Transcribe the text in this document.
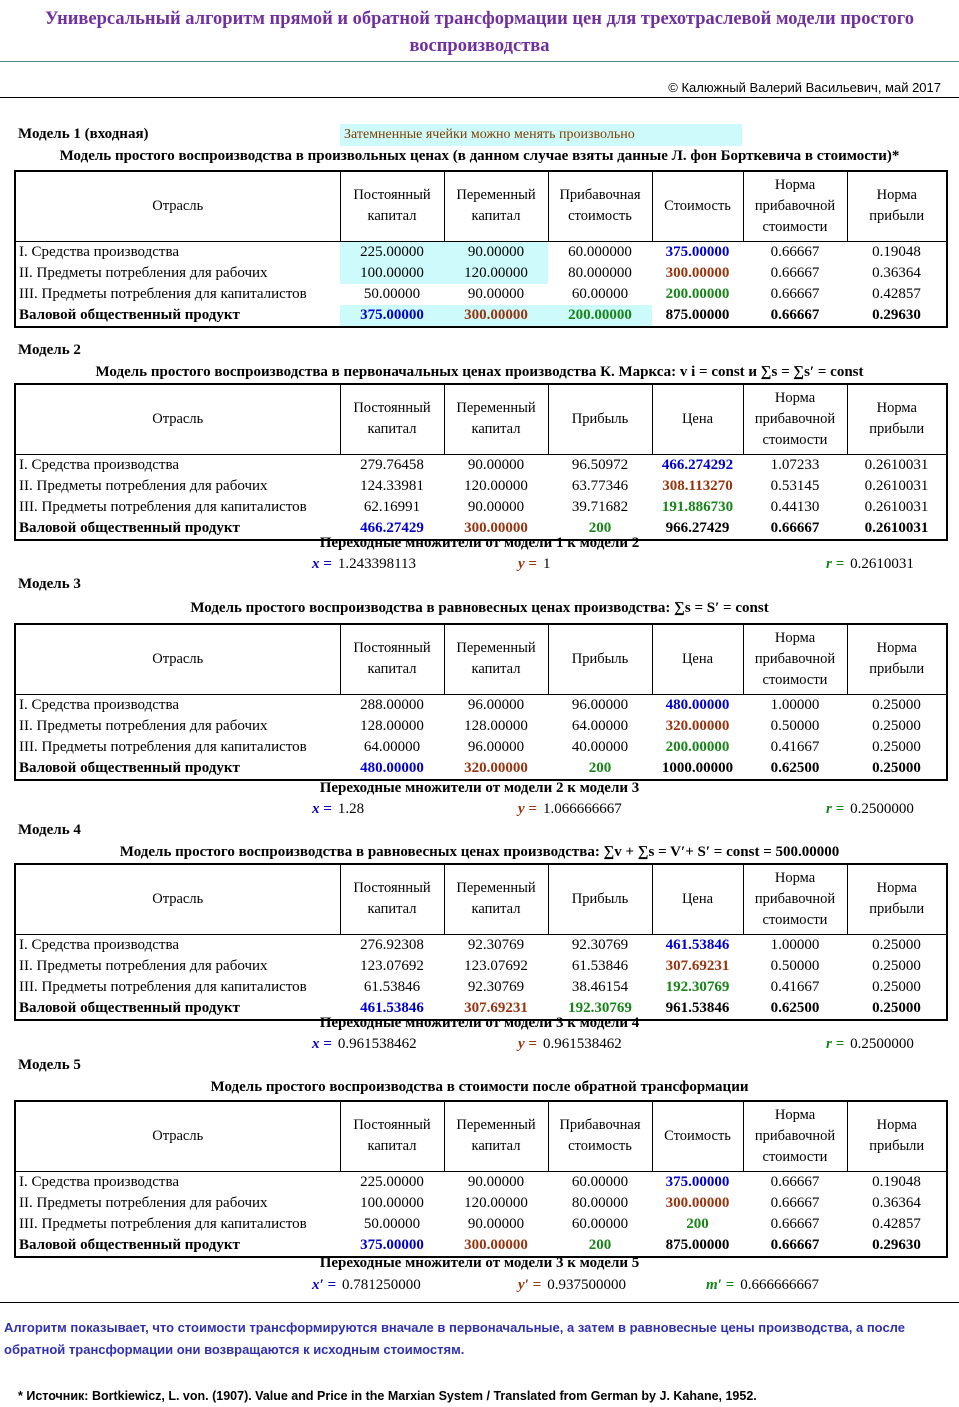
Универсальный алгоритм прямой и обратной трансформации цен для трехотраслевой модели простого воспроизводства
© Калюжный Валерий Васильевич, май 2017
Модель 1 (входная)	Затемненные ячейки можно менять произвольно
Модель простого воспроизводства в произвольных ценах (в данном случае взяты данные Л. фон Борткевича в стоимости)*
Отрасль	Постоянный капитал	Переменный капитал	Прибавочная стоимость	Стоимость	Норма прибавочной стоимости	Норма прибыли
I. Средства производства	225.00000	90.00000	60.000000	375.00000	0.66667	0.19048
II. Предметы потребления для рабочих	100.00000	120.00000	80.000000	300.00000	0.66667	0.36364
III. Предметы потребления для капиталистов	50.00000	90.00000	60.00000	200.00000	0.66667	0.42857
Валовой общественный продукт	375.00000	300.00000	200.00000	875.00000	0.66667	0.29630
Модель 2
Модель простого воспроизводства в первоначальных ценах производства К. Маркса: v i = const и ∑s = ∑s′ = const
Отрасль	Постоянный капитал	Переменный капитал	Прибыль	Цена	Норма прибавочной стоимости	Норма прибыли
I. Средства производства	279.76458	90.00000	96.50972	466.274292	1.07233	0.2610031
II. Предметы потребления для рабочих	124.33981	120.00000	63.77346	308.113270	0.53145	0.2610031
III. Предметы потребления для капиталистов	62.16991	90.00000	39.71682	191.886730	0.44130	0.2610031
Валовой общественный продукт	466.27429	300.00000	200	966.27429	0.66667	0.2610031
Переходные множители от модели 1 к модели 2
x = 1.243398113	y = 1	r = 0.2610031
Модель 3
Модель простого воспроизводства в равновесных ценах производства: ∑s = S′ = const
Отрасль	Постоянный капитал	Переменный капитал	Прибыль	Цена	Норма прибавочной стоимости	Норма прибыли
I. Средства производства	288.00000	96.00000	96.00000	480.00000	1.00000	0.25000
II. Предметы потребления для рабочих	128.00000	128.00000	64.00000	320.00000	0.50000	0.25000
III. Предметы потребления для капиталистов	64.00000	96.00000	40.00000	200.00000	0.41667	0.25000
Валовой общественный продукт	480.00000	320.00000	200	1000.00000	0.62500	0.25000
Переходные множители от модели 2 к модели 3
x = 1.28	y = 1.066666667	r = 0.2500000
Модель 4
Модель простого воспроизводства в равновесных ценах производства: ∑v + ∑s = V′+ S′ = const = 500.00000
Отрасль	Постоянный капитал	Переменный капитал	Прибыль	Цена	Норма прибавочной стоимости	Норма прибыли
I. Средства производства	276.92308	92.30769	92.30769	461.53846	1.00000	0.25000
II. Предметы потребления для рабочих	123.07692	123.07692	61.53846	307.69231	0.50000	0.25000
III. Предметы потребления для капиталистов	61.53846	92.30769	38.46154	192.30769	0.41667	0.25000
Валовой общественный продукт	461.53846	307.69231	192.30769	961.53846	0.62500	0.25000
Переходные множители от модели 3 к модели 4
x = 0.961538462	y = 0.961538462	r = 0.2500000
Модель 5
Модель простого воспроизводства в стоимости после обратной трансформации
Отрасль	Постоянный капитал	Переменный капитал	Прибавочная стоимость	Стоимость	Норма прибавочной стоимости	Норма прибыли
I. Средства производства	225.00000	90.00000	60.00000	375.00000	0.66667	0.19048
II. Предметы потребления для рабочих	100.00000	120.00000	80.00000	300.00000	0.66667	0.36364
III. Предметы потребления для капиталистов	50.00000	90.00000	60.00000	200	0.66667	0.42857
Валовой общественный продукт	375.00000	300.00000	200	875.00000	0.66667	0.29630
Переходные множители от модели 3 к модели 5
x′ = 0.781250000	y′ = 0.937500000	m′ = 0.666666667
Алгоритм показывает, что стоимости трансформируются вначале в первоначальные, а затем в равновесные цены производства, а после обратной трансформации они возвращаются к исходным стоимостям.
* Источник: Bortkiewicz, L. von. (1907). Value and Price in the Marxian System / Translated from German by J. Kahane, 1952.
